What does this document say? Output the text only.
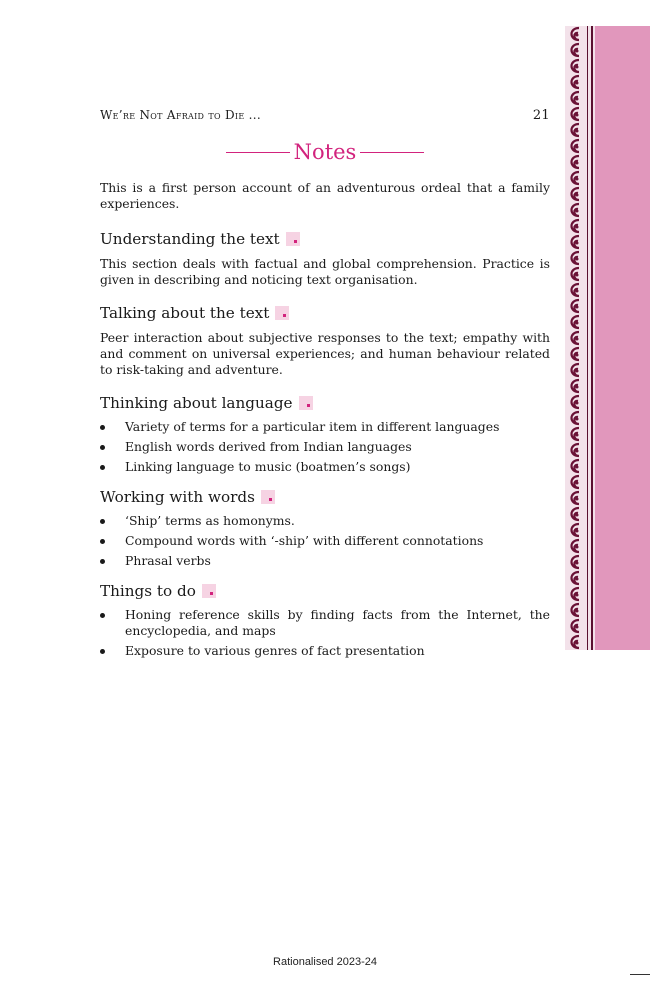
We’re Not Afraid to Die ...	21
Notes

This is a first person account of an adventurous ordeal that a family experiences.

Understanding the text

This section deals with factual and global comprehension. Practice is given in describing and noticing text organisation.

Talking about the text

Peer interaction about subjective responses to the text; empathy with and comment on universal experiences; and human behaviour related to risk-taking and adventure.

Thinking about language
Variety of terms for a particular item in different languages
English words derived from Indian languages
Linking language to music (boatmen’s songs)
Working with words
‘Ship’ terms as homonyms.
Compound words with ‘-ship’ with different connotations
Phrasal verbs
Things to do
Honing reference skills by finding facts from the Internet, the encyclopedia, and maps
Exposure to various genres of fact presentation
Rationalised 2023-24
